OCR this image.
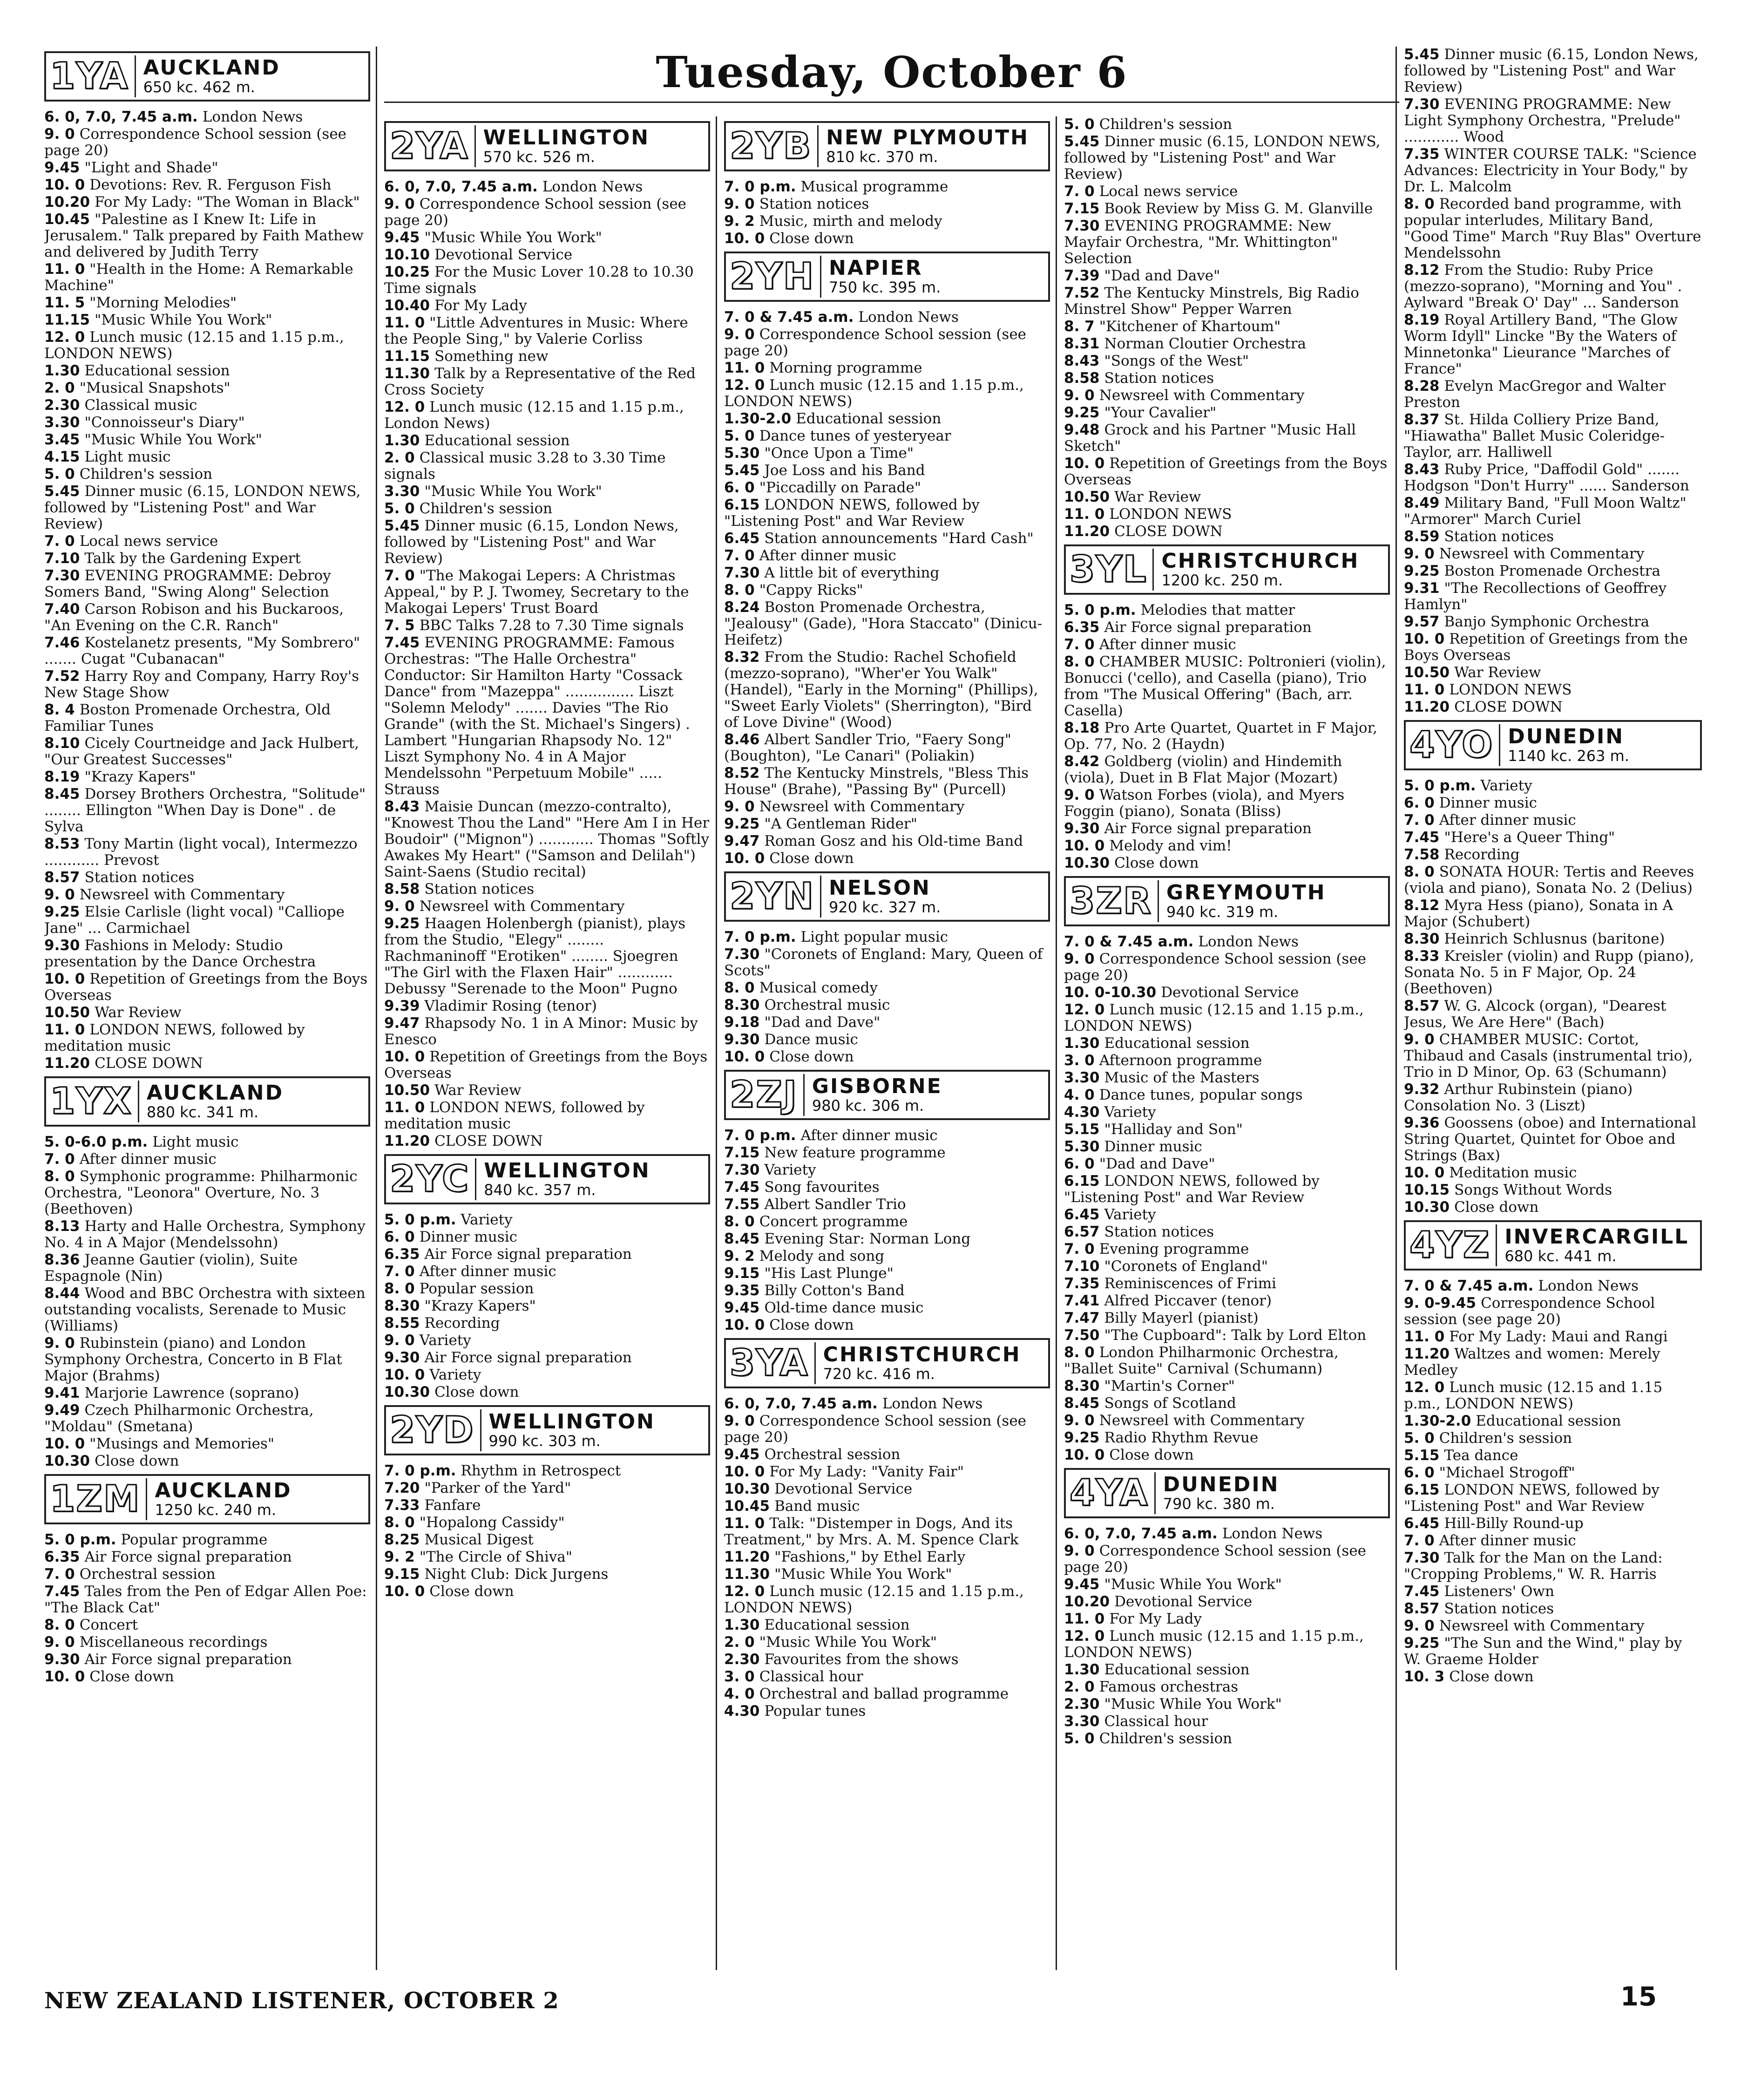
Tuesday, October 6
1YA AUCKLAND
650 kc. 462 m.
6. 0, 7.0, 7.45 a.m. London News
9. 0 Correspondence School session (see page 20)
9.45 "Light and Shade"
10. 0 Devotions: Rev. R. Ferguson Fish
10.20 For My Lady: "The Woman in Black"
10.45 "Palestine as I Knew It: Life in Jerusalem." Talk prepared by Faith Mathew and delivered by Judith Terry
11. 0 "Health in the Home: A Remarkable Machine"
11. 5 "Morning Melodies"
11.15 "Music While You Work"
12. 0 Lunch music (12.15 and 1.15 p.m., LONDON NEWS)
1.30 Educational session
2. 0 "Musical Snapshots"
2.30 Classical music
3.30 "Connoisseur's Diary"
3.45 "Music While You Work"
4.15 Light music
5. 0 Children's session
5.45 Dinner music (6.15, LONDON NEWS, followed by "Listening Post" and War Review)
7. 0 Local news service
7.10 Talk by the Gardening Expert
7.30 EVENING PROGRAMME: Debroy Somers Band, "Swing Along" Selection
7.40 Carson Robison and his Buckaroos, "An Evening on the C.R. Ranch"
7.46 Kostelanetz presents, "My Sombrero" ....... Cugat "Cubanacan"
7.52 Harry Roy and Company, Harry Roy's New Stage Show
8. 4 Boston Promenade Orchestra, Old Familiar Tunes
8.10 Cicely Courtneidge and Jack Hulbert, "Our Greatest Successes"
8.19 "Krazy Kapers"
8.45 Dorsey Brothers Orchestra, "Solitude" ........ Ellington "When Day is Done" . de Sylva
8.53 Tony Martin (light vocal), Intermezzo ............ Prevost
8.57 Station notices
9. 0 Newsreel with Commentary
9.25 Elsie Carlisle (light vocal) "Calliope Jane" ... Carmichael
9.30 Fashions in Melody: Studio presentation by the Dance Orchestra
10. 0 Repetition of Greetings from the Boys Overseas
10.50 War Review
11. 0 LONDON NEWS, followed by meditation music
11.20 CLOSE DOWN
1YX AUCKLAND
880 kc. 341 m.
5. 0-6.0 p.m. Light music
7. 0 After dinner music
8. 0 Symphonic programme: Philharmonic Orchestra, "Leonora" Overture, No. 3 (Beethoven)
8.13 Harty and Halle Orchestra, Symphony No. 4 in A Major (Mendelssohn)
8.36 Jeanne Gautier (violin), Suite Espagnole (Nin)
8.44 Wood and BBC Orchestra with sixteen outstanding vocalists, Serenade to Music (Williams)
9. 0 Rubinstein (piano) and London Symphony Orchestra, Concerto in B Flat Major (Brahms)
9.41 Marjorie Lawrence (soprano)
9.49 Czech Philharmonic Orchestra, "Moldau" (Smetana)
10. 0 "Musings and Memories"
10.30 Close down
1ZM AUCKLAND
1250 kc. 240 m.
5. 0 p.m. Popular programme
6.35 Air Force signal preparation
7. 0 Orchestral session
7.45 Tales from the Pen of Edgar Allen Poe: "The Black Cat"
8. 0 Concert
9. 0 Miscellaneous recordings
9.30 Air Force signal preparation
10. 0 Close down
2YA WELLINGTON
570 kc. 526 m.
6. 0, 7.0, 7.45 a.m. London News
9. 0 Correspondence School session (see page 20)
9.45 "Music While You Work"
10.10 Devotional Service
10.25 For the Music Lover 10.28 to 10.30 Time signals
10.40 For My Lady
11. 0 "Little Adventures in Music: Where the People Sing," by Valerie Corliss
11.15 Something new
11.30 Talk by a Representative of the Red Cross Society
12. 0 Lunch music (12.15 and 1.15 p.m., London News)
1.30 Educational session
2. 0 Classical music 3.28 to 3.30 Time signals
3.30 "Music While You Work"
5. 0 Children's session
5.45 Dinner music (6.15, London News, followed by "Listening Post" and War Review)
7. 0 "The Makogai Lepers: A Christmas Appeal," by P. J. Twomey, Secretary to the Makogai Lepers' Trust Board
7. 5 BBC Talks 7.28 to 7.30 Time signals
7.45 EVENING PROGRAMME: Famous Orchestras: "The Halle Orchestra" Conductor: Sir Hamilton Harty "Cossack Dance" from "Mazeppa" ............... Liszt "Solemn Melody" ....... Davies "The Rio Grande" (with the St. Michael's Singers) . Lambert "Hungarian Rhapsody No. 12" Liszt Symphony No. 4 in A Major Mendelssohn "Perpetuum Mobile" ..... Strauss
8.43 Maisie Duncan (mezzo-contralto), "Knowest Thou the Land" "Here Am I in Her Boudoir" ("Mignon") ............ Thomas "Softly Awakes My Heart" ("Samson and Delilah") Saint-Saens (Studio recital)
8.58 Station notices
9. 0 Newsreel with Commentary
9.25 Haagen Holenbergh (pianist), plays from the Studio, "Elegy" ........ Rachmaninoff "Erotiken" ........ Sjoegren "The Girl with the Flaxen Hair" ............ Debussy "Serenade to the Moon" Pugno
9.39 Vladimir Rosing (tenor)
9.47 Rhapsody No. 1 in A Minor: Music by Enesco
10. 0 Repetition of Greetings from the Boys Overseas
10.50 War Review
11. 0 LONDON NEWS, followed by meditation music
11.20 CLOSE DOWN
2YC WELLINGTON
840 kc. 357 m.
5. 0 p.m. Variety
6. 0 Dinner music
6.35 Air Force signal preparation
7. 0 After dinner music
8. 0 Popular session
8.30 "Krazy Kapers"
8.55 Recording
9. 0 Variety
9.30 Air Force signal preparation
10. 0 Variety
10.30 Close down
2YD WELLINGTON
990 kc. 303 m.
7. 0 p.m. Rhythm in Retrospect
7.20 "Parker of the Yard"
7.33 Fanfare
8. 0 "Hopalong Cassidy"
8.25 Musical Digest
9. 2 "The Circle of Shiva"
9.15 Night Club: Dick Jurgens
10. 0 Close down
2YB NEW PLYMOUTH
810 kc. 370 m.
7. 0 p.m. Musical programme
9. 0 Station notices
9. 2 Music, mirth and melody
10. 0 Close down
2YH NAPIER
750 kc. 395 m.
7. 0 & 7.45 a.m. London News
9. 0 Correspondence School session (see page 20)
11. 0 Morning programme
12. 0 Lunch music (12.15 and 1.15 p.m., LONDON NEWS)
1.30-2.0 Educational session
5. 0 Dance tunes of yesteryear
5.30 "Once Upon a Time"
5.45 Joe Loss and his Band
6. 0 "Piccadilly on Parade"
6.15 LONDON NEWS, followed by "Listening Post" and War Review
6.45 Station announcements "Hard Cash"
7. 0 After dinner music
7.30 A little bit of everything
8. 0 "Cappy Ricks"
8.24 Boston Promenade Orchestra, "Jealousy" (Gade), "Hora Staccato" (Dinicu-Heifetz)
8.32 From the Studio: Rachel Schofield (mezzo-soprano), "Wher'er You Walk" (Handel), "Early in the Morning" (Phillips), "Sweet Early Violets" (Sherrington), "Bird of Love Divine" (Wood)
8.46 Albert Sandler Trio, "Faery Song" (Boughton), "Le Canari" (Poliakin)
8.52 The Kentucky Minstrels, "Bless This House" (Brahe), "Passing By" (Purcell)
9. 0 Newsreel with Commentary
9.25 "A Gentleman Rider"
9.47 Roman Gosz and his Old-time Band
10. 0 Close down
2YN NELSON
920 kc. 327 m.
7. 0 p.m. Light popular music
7.30 "Coronets of England: Mary, Queen of Scots"
8. 0 Musical comedy
8.30 Orchestral music
9.18 "Dad and Dave"
9.30 Dance music
10. 0 Close down
2ZJ GISBORNE
980 kc. 306 m.
7. 0 p.m. After dinner music
7.15 New feature programme
7.30 Variety
7.45 Song favourites
7.55 Albert Sandler Trio
8. 0 Concert programme
8.45 Evening Star: Norman Long
9. 2 Melody and song
9.15 "His Last Plunge"
9.35 Billy Cotton's Band
9.45 Old-time dance music
10. 0 Close down
3YA CHRISTCHURCH
720 kc. 416 m.
6. 0, 7.0, 7.45 a.m. London News
9. 0 Correspondence School session (see page 20)
9.45 Orchestral session
10. 0 For My Lady: "Vanity Fair"
10.30 Devotional Service
10.45 Band music
11. 0 Talk: "Distemper in Dogs, And its Treatment," by Mrs. A. M. Spence Clark
11.20 "Fashions," by Ethel Early
11.30 "Music While You Work"
12. 0 Lunch music (12.15 and 1.15 p.m., LONDON NEWS)
1.30 Educational session
2. 0 "Music While You Work"
2.30 Favourites from the shows
3. 0 Classical hour
4. 0 Orchestral and ballad programme
4.30 Popular tunes
5. 0 Children's session
5.45 Dinner music (6.15, LONDON NEWS, followed by "Listening Post" and War Review)
7. 0 Local news service
7.15 Book Review by Miss G. M. Glanville
7.30 EVENING PROGRAMME: New Mayfair Orchestra, "Mr. Whittington" Selection
7.39 "Dad and Dave"
7.52 The Kentucky Minstrels, Big Radio Minstrel Show" Pepper Warren
8. 7 "Kitchener of Khartoum"
8.31 Norman Cloutier Orchestra
8.43 "Songs of the West"
8.58 Station notices
9. 0 Newsreel with Commentary
9.25 "Your Cavalier"
9.48 Grock and his Partner "Music Hall Sketch"
10. 0 Repetition of Greetings from the Boys Overseas
10.50 War Review
11. 0 LONDON NEWS
11.20 CLOSE DOWN
3YL CHRISTCHURCH
1200 kc. 250 m.
5. 0 p.m. Melodies that matter
6.35 Air Force signal preparation
7. 0 After dinner music
8. 0 CHAMBER MUSIC: Poltronieri (violin), Bonucci ('cello), and Casella (piano), Trio from "The Musical Offering" (Bach, arr. Casella)
8.18 Pro Arte Quartet, Quartet in F Major, Op. 77, No. 2 (Haydn)
8.42 Goldberg (violin) and Hindemith (viola), Duet in B Flat Major (Mozart)
9. 0 Watson Forbes (viola), and Myers Foggin (piano), Sonata (Bliss)
9.30 Air Force signal preparation
10. 0 Melody and vim!
10.30 Close down
3ZR GREYMOUTH
940 kc. 319 m.
7. 0 & 7.45 a.m. London News
9. 0 Correspondence School session (see page 20)
10. 0-10.30 Devotional Service
12. 0 Lunch music (12.15 and 1.15 p.m., LONDON NEWS)
1.30 Educational session
3. 0 Afternoon programme
3.30 Music of the Masters
4. 0 Dance tunes, popular songs
4.30 Variety
5.15 "Halliday and Son"
5.30 Dinner music
6. 0 "Dad and Dave"
6.15 LONDON NEWS, followed by "Listening Post" and War Review
6.45 Variety
6.57 Station notices
7. 0 Evening programme
7.10 "Coronets of England"
7.35 Reminiscences of Frimi
7.41 Alfred Piccaver (tenor)
7.47 Billy Mayerl (pianist)
7.50 "The Cupboard": Talk by Lord Elton
8. 0 London Philharmonic Orchestra, "Ballet Suite" Carnival (Schumann)
8.30 "Martin's Corner"
8.45 Songs of Scotland
9. 0 Newsreel with Commentary
9.25 Radio Rhythm Revue
10. 0 Close down
4YA DUNEDIN
790 kc. 380 m.
6. 0, 7.0, 7.45 a.m. London News
9. 0 Correspondence School session (see page 20)
9.45 "Music While You Work"
10.20 Devotional Service
11. 0 For My Lady
12. 0 Lunch music (12.15 and 1.15 p.m., LONDON NEWS)
1.30 Educational session
2. 0 Famous orchestras
2.30 "Music While You Work"
3.30 Classical hour
5. 0 Children's session
5.45 Dinner music (6.15, London News, followed by "Listening Post" and War Review)
7.30 EVENING PROGRAMME: New Light Symphony Orchestra, "Prelude" ............ Wood
7.35 WINTER COURSE TALK: "Science Advances: Electricity in Your Body," by Dr. L. Malcolm
8. 0 Recorded band programme, with popular interludes, Military Band, "Good Time" March "Ruy Blas" Overture Mendelssohn
8.12 From the Studio: Ruby Price (mezzo-soprano), "Morning and You" . Aylward "Break O' Day" ... Sanderson
8.19 Royal Artillery Band, "The Glow Worm Idyll" Lincke "By the Waters of Minnetonka" Lieurance "Marches of France"
8.28 Evelyn MacGregor and Walter Preston
8.37 St. Hilda Colliery Prize Band, "Hiawatha" Ballet Music Coleridge-Taylor, arr. Halliwell
8.43 Ruby Price, "Daffodil Gold" ....... Hodgson "Don't Hurry" ...... Sanderson
8.49 Military Band, "Full Moon Waltz" "Armorer" March Curiel
8.59 Station notices
9. 0 Newsreel with Commentary
9.25 Boston Promenade Orchestra
9.31 "The Recollections of Geoffrey Hamlyn"
9.57 Banjo Symphonic Orchestra
10. 0 Repetition of Greetings from the Boys Overseas
10.50 War Review
11. 0 LONDON NEWS
11.20 CLOSE DOWN
4YO DUNEDIN
1140 kc. 263 m.
5. 0 p.m. Variety
6. 0 Dinner music
7. 0 After dinner music
7.45 "Here's a Queer Thing"
7.58 Recording
8. 0 SONATA HOUR: Tertis and Reeves (viola and piano), Sonata No. 2 (Delius)
8.12 Myra Hess (piano), Sonata in A Major (Schubert)
8.30 Heinrich Schlusnus (baritone)
8.33 Kreisler (violin) and Rupp (piano), Sonata No. 5 in F Major, Op. 24 (Beethoven)
8.57 W. G. Alcock (organ), "Dearest Jesus, We Are Here" (Bach)
9. 0 CHAMBER MUSIC: Cortot, Thibaud and Casals (instrumental trio), Trio in D Minor, Op. 63 (Schumann)
9.32 Arthur Rubinstein (piano) Consolation No. 3 (Liszt)
9.36 Goossens (oboe) and International String Quartet, Quintet for Oboe and Strings (Bax)
10. 0 Meditation music
10.15 Songs Without Words
10.30 Close down
4YZ INVERCARGILL
680 kc. 441 m.
7. 0 & 7.45 a.m. London News
9. 0-9.45 Correspondence School session (see page 20)
11. 0 For My Lady: Maui and Rangi
11.20 Waltzes and women: Merely Medley
12. 0 Lunch music (12.15 and 1.15 p.m., LONDON NEWS)
1.30-2.0 Educational session
5. 0 Children's session
5.15 Tea dance
6. 0 "Michael Strogoff"
6.15 LONDON NEWS, followed by "Listening Post" and War Review
6.45 Hill-Billy Round-up
7. 0 After dinner music
7.30 Talk for the Man on the Land: "Cropping Problems," W. R. Harris
7.45 Listeners' Own
8.57 Station notices
9. 0 Newsreel with Commentary
9.25 "The Sun and the Wind," play by W. Graeme Holder
10. 3 Close down
NEW ZEALAND LISTENER, OCTOBER 2	15
